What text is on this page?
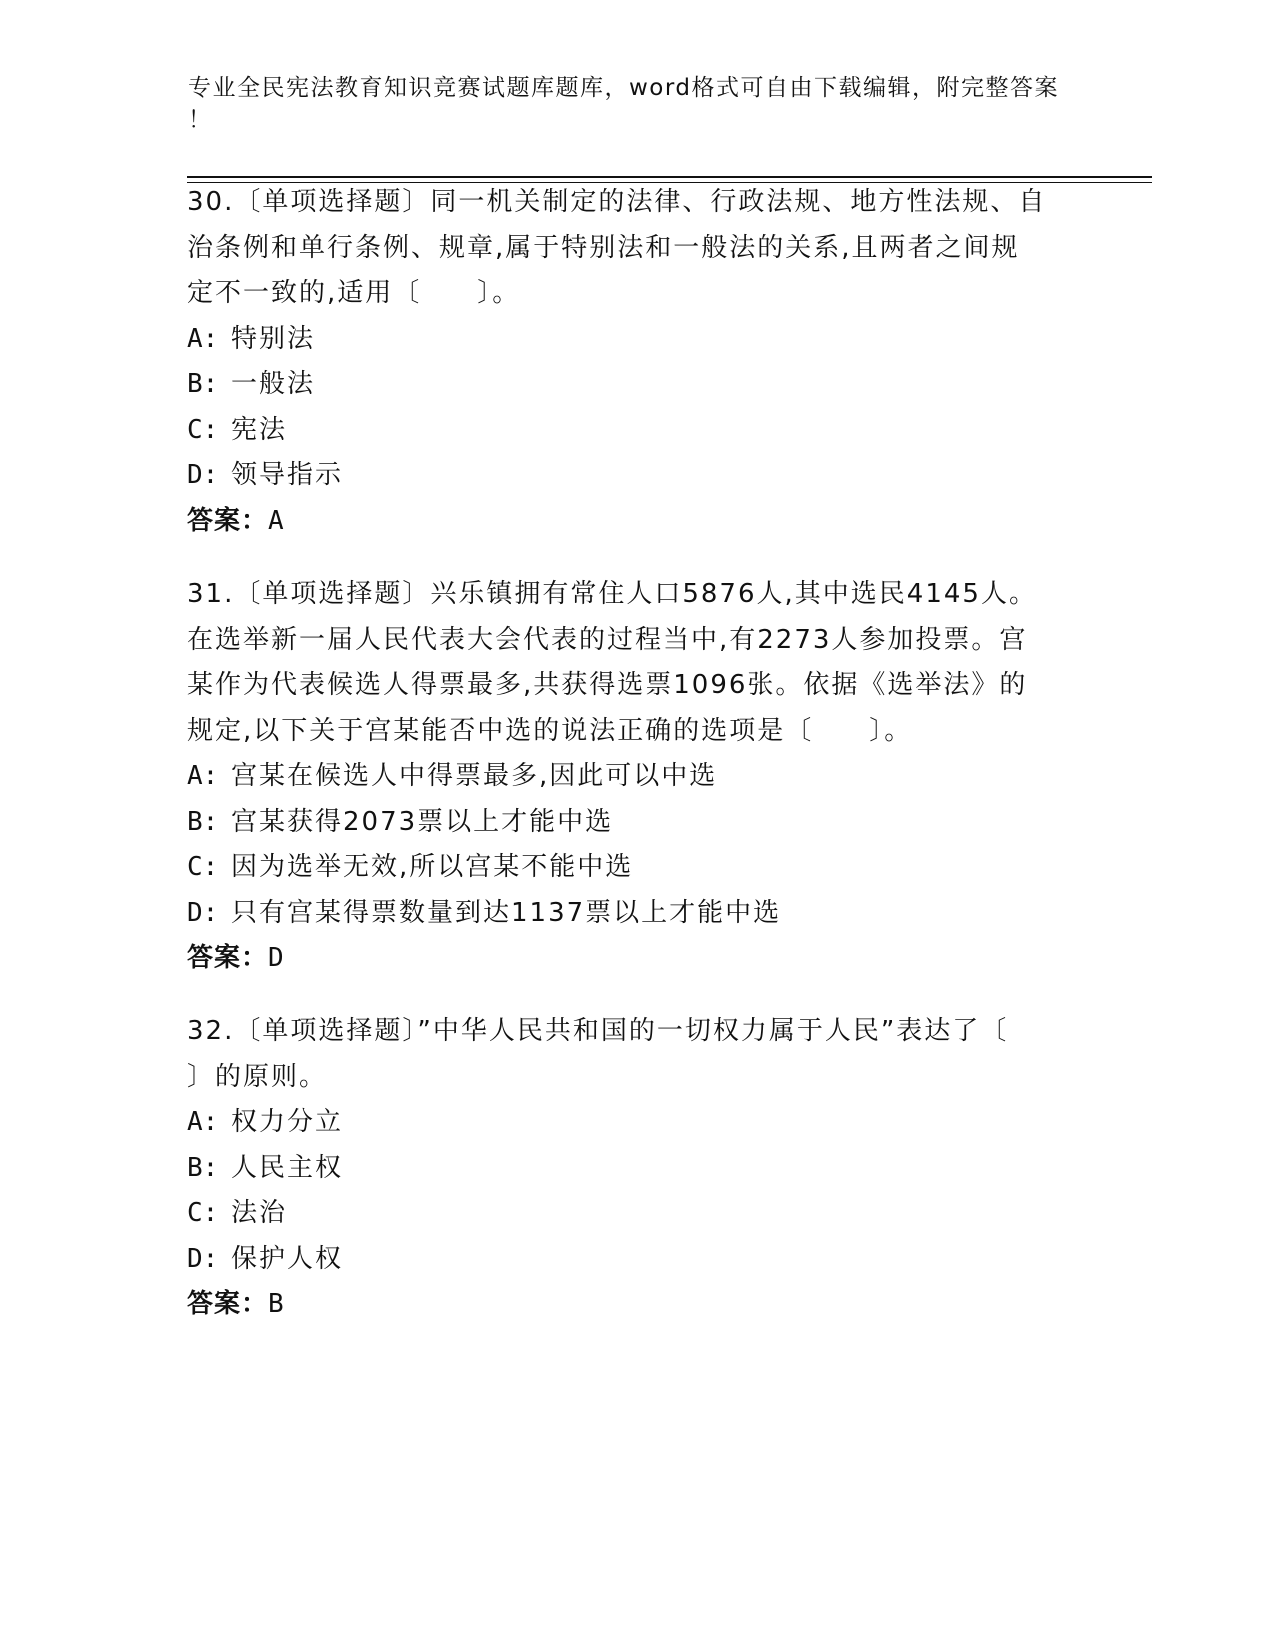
专业全民宪法教育知识竞赛试题库题库，word格式可自由下载编辑，附完整答案
！

30.〔单项选择题〕同一机关制定的法律、行政法规、地方性法规、自

治条例和单行条例、规章,属于特别法和一般法的关系,且两者之间规

定不一致的,适用〔　　〕。

A: 特别法

B: 一般法

C: 宪法

D: 领导指示

答案：A

31.〔单项选择题〕兴乐镇拥有常住人口5876人,其中选民4145人。

在选举新一届人民代表大会代表的过程当中,有2273人参加投票。宫

某作为代表候选人得票最多,共获得选票1096张。依据《选举法》的

规定,以下关于宫某能否中选的说法正确的选项是〔　　〕。

A: 宫某在候选人中得票最多,因此可以中选

B: 宫某获得2073票以上才能中选

C: 因为选举无效,所以宫某不能中选

D: 只有宫某得票数量到达1137票以上才能中选

答案：D

32.〔单项选择题〕”中华人民共和国的一切权力属于人民”表达了〔

〕的原则。

A: 权力分立

B: 人民主权

C: 法治

D: 保护人权

答案：B
